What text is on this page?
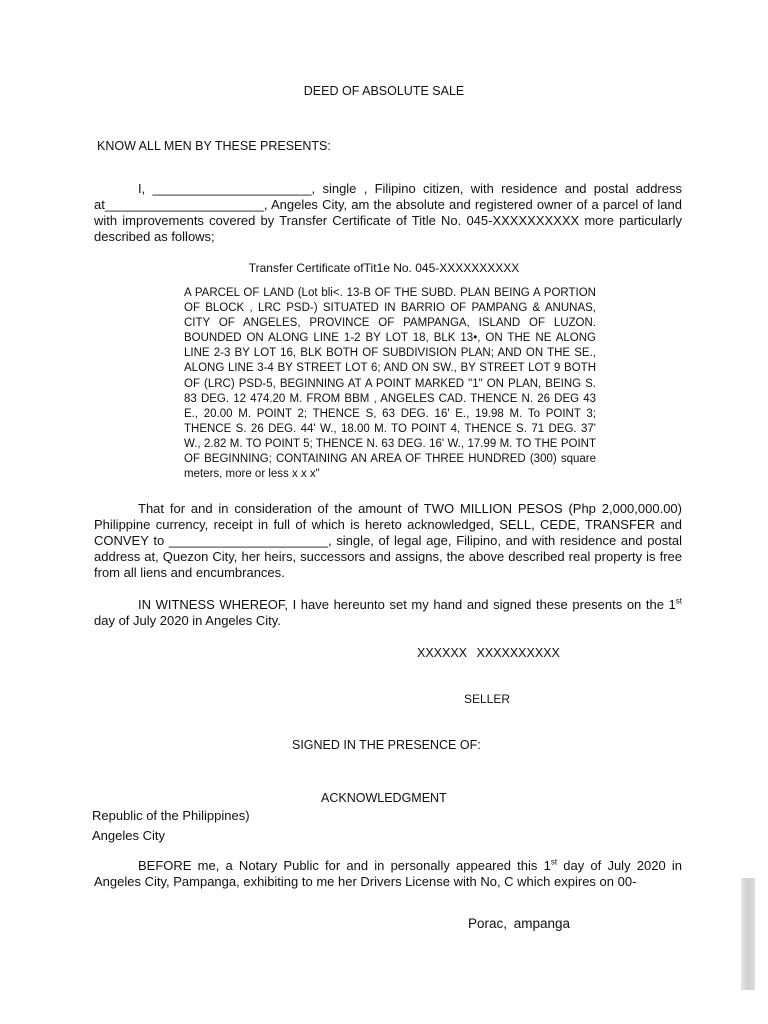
DEED OF ABSOLUTE SALE
KNOW ALL MEN BY THESE PRESENTS:

I, ______________________, single , Filipino citizen, with residence and postal address at______________________, Angeles City, am the absolute and registered owner of a parcel of land with improvements covered by Transfer Certificate of Title No. 045-XXXXXXXXXX more particularly described as follows;

Transfer Certificate ofTit1e No. 045-XXXXXXXXXX

A PARCEL OF LAND (Lot bli<. 13-B OF THE SUBD. PLAN BEING A PORTION OF BLOCK , LRC PSD-) SITUATED IN BARRIO OF PAMPANG & ANUNAS, CITY OF ANGELES, PROVINCE OF PAMPANGA, ISLAND OF LUZON. BOUNDED ON ALONG LINE 1-2 BY LOT 18, BLK 13•, ON THE NE ALONG LINE 2-3 BY LOT 16, BLK BOTH OF SUBDIVISION PLAN; AND ON THE SE., ALONG LINE 3-4 BY STREET LOT 6; AND ON SW., BY STREET LOT 9 BOTH OF (LRC) PSD-5, BEGINNING AT A POINT MARKED "1" ON PLAN, BEING S. 83 DEG. 12 474.20 M. FROM BBM , ANGELES CAD. THENCE N. 26 DEG 43 E., 20.00 M. POINT 2; THENCE S, 63 DEG. 16' E., 19.98 M. To POINT 3; THENCE S. 26 DEG. 44' W., 18.00 M. TO POINT 4, THENCE S. 71 DEG. 37' W., 2.82 M. TO POINT 5; THENCE N. 63 DEG. 16' W., 17.99 M. TO THE POINT OF BEGINNING; CONTAINING AN AREA OF THREE HUNDRED (300) square meters, more or less x x x"

That for and in consideration of the amount of TWO MILLION PESOS (Php 2,000,000.00) Philippine currency, receipt in full of which is hereto acknowledged, SELL, CEDE, TRANSFER and CONVEY to ______________________, single, of legal age, Filipino, and with residence and postal address at, Quezon City, her heirs, successors and assigns, the above described real property is free from all liens and encumbrances.

IN WITNESS WHEREOF, I have hereunto set my hand and signed these presents on the 1st day of July 2020 in Angeles City.

XXXXXX XXXXXXXXXX
SELLER
SIGNED IN THE PRESENCE OF:
ACKNOWLEDGMENT
Republic of the Philippines)
Angeles City

BEFORE me, a Notary Public for and in personally appeared this 1st day of July 2020 in Angeles City, Pampanga, exhibiting to me her Drivers License with No, C which expires on 00-

Porac, ampanga
